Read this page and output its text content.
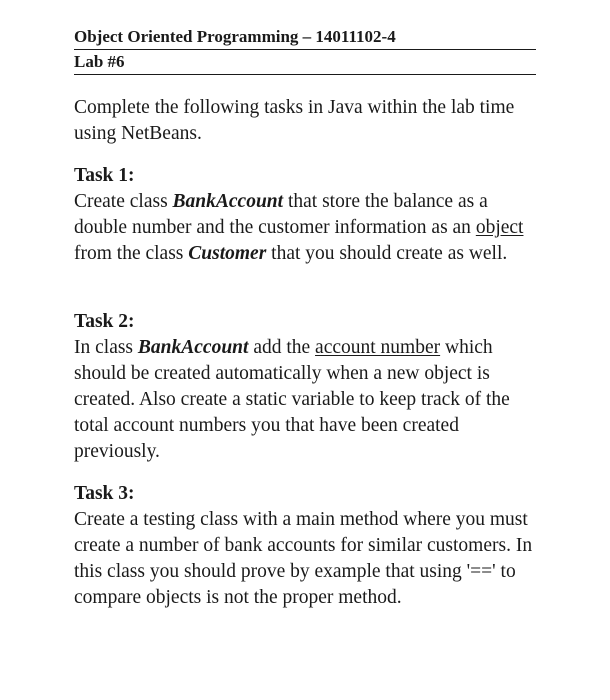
Object Oriented Programming – 14011102-4
Lab #6
Complete the following tasks in Java within the lab time using NetBeans.
Task 1:
Create class BankAccount that store the balance as a double number and the customer information as an object from the class Customer that you should create as well.
Task 2:
In class BankAccount add the account number which should be created automatically when a new object is created. Also create a static variable to keep track of the total account numbers you that have been created previously.
Task 3:
Create a testing class with a main method where you must create a number of bank accounts for similar customers. In this class you should prove by example that using '==' to compare objects is not the proper method.
